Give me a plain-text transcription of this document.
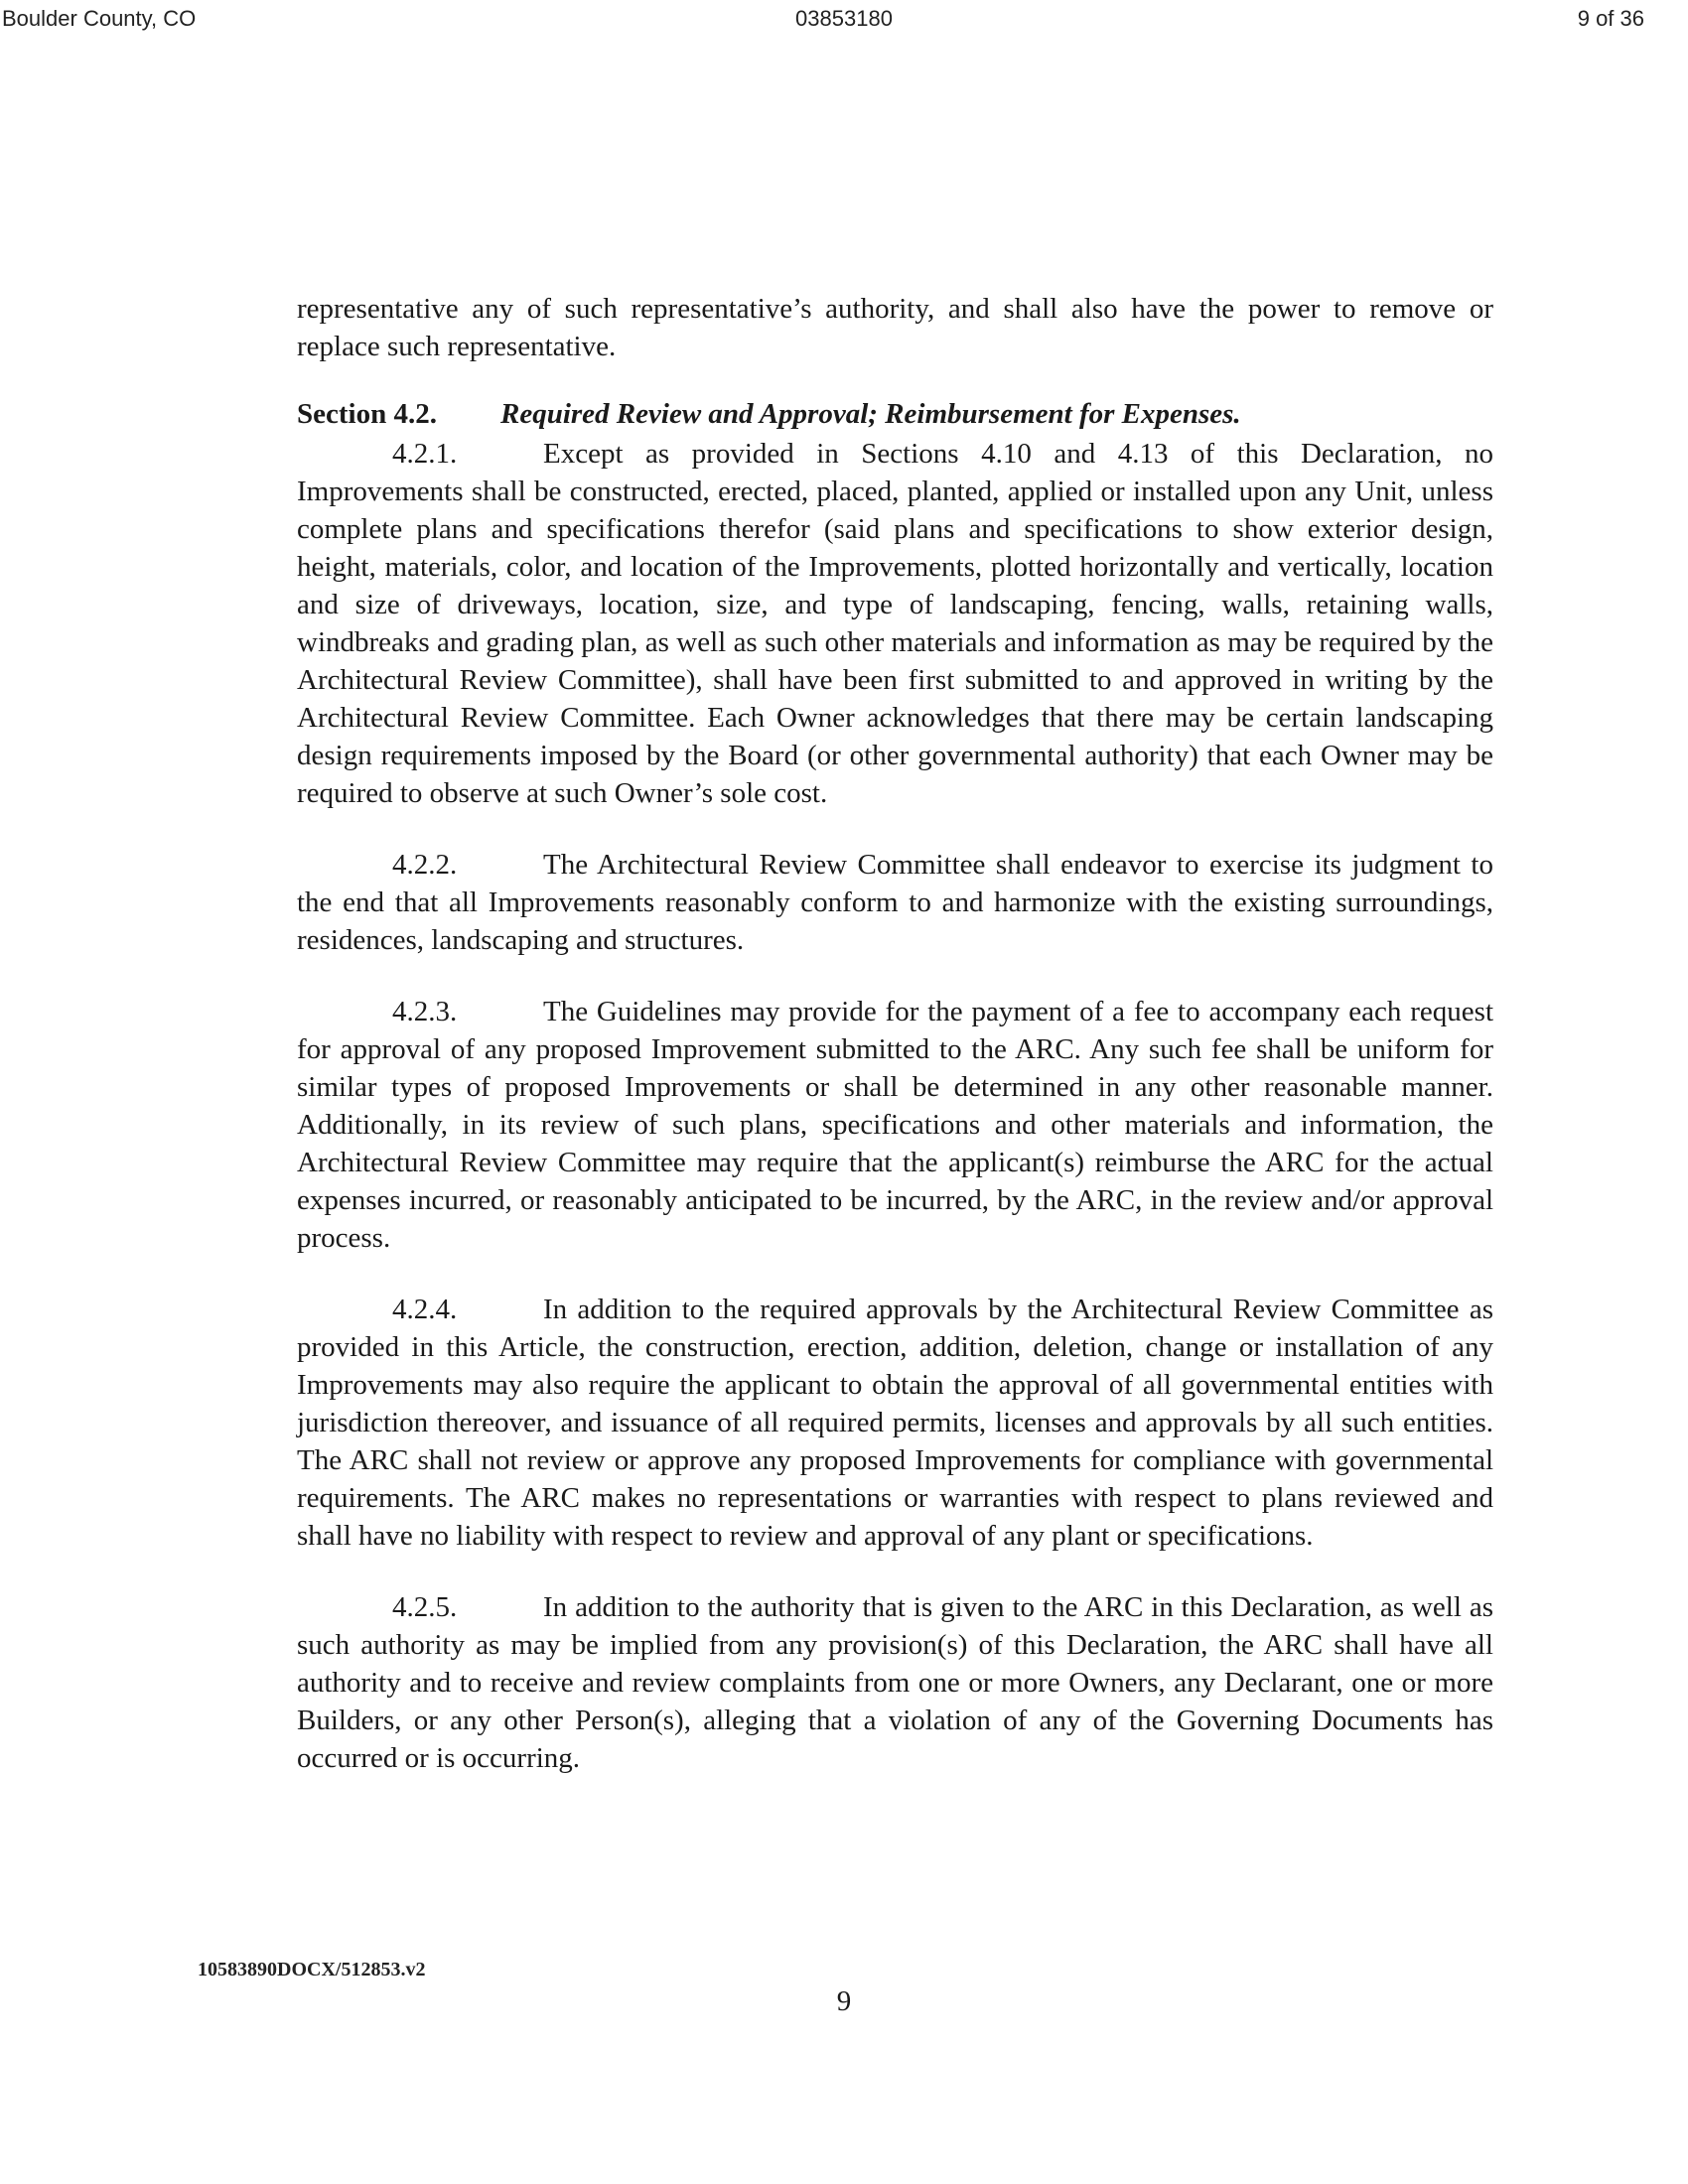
Boulder County, CO	03853180	9 of 36

representative any of such representative’s authority, and shall also have the power to remove or replace such representative.

Section 4.2. Required Review and Approval; Reimbursement for Expenses.

4.2.1.	Except as provided in Sections 4.10 and 4.13 of this Declaration, no Improvements shall be constructed, erected, placed, planted, applied or installed upon any Unit, unless complete plans and specifications therefor (said plans and specifications to show exterior design, height, materials, color, and location of the Improvements, plotted horizontally and vertically, location and size of driveways, location, size, and type of landscaping, fencing, walls, retaining walls, windbreaks and grading plan, as well as such other materials and information as may be required by the Architectural Review Committee), shall have been first submitted to and approved in writing by the Architectural Review Committee. Each Owner acknowledges that there may be certain landscaping design requirements imposed by the Board (or other governmental authority) that each Owner may be required to observe at such Owner’s sole cost.

4.2.2.	The Architectural Review Committee shall endeavor to exercise its judgment to the end that all Improvements reasonably conform to and harmonize with the existing surroundings, residences, landscaping and structures.

4.2.3.	The Guidelines may provide for the payment of a fee to accompany each request for approval of any proposed Improvement submitted to the ARC. Any such fee shall be uniform for similar types of proposed Improvements or shall be determined in any other reasonable manner. Additionally, in its review of such plans, specifications and other materials and information, the Architectural Review Committee may require that the applicant(s) reimburse the ARC for the actual expenses incurred, or reasonably anticipated to be incurred, by the ARC, in the review and/or approval process.

4.2.4.	In addition to the required approvals by the Architectural Review Committee as provided in this Article, the construction, erection, addition, deletion, change or installation of any Improvements may also require the applicant to obtain the approval of all governmental entities with jurisdiction thereover, and issuance of all required permits, licenses and approvals by all such entities. The ARC shall not review or approve any proposed Improvements for compliance with governmental requirements. The ARC makes no representations or warranties with respect to plans reviewed and shall have no liability with respect to review and approval of any plant or specifications.

4.2.5.	In addition to the authority that is given to the ARC in this Declaration, as well as such authority as may be implied from any provision(s) of this Declaration, the ARC shall have all authority and to receive and review complaints from one or more Owners, any Declarant, one or more Builders, or any other Person(s), alleging that a violation of any of the Governing Documents has occurred or is occurring.

10583890DOCX/512853.v2
9
